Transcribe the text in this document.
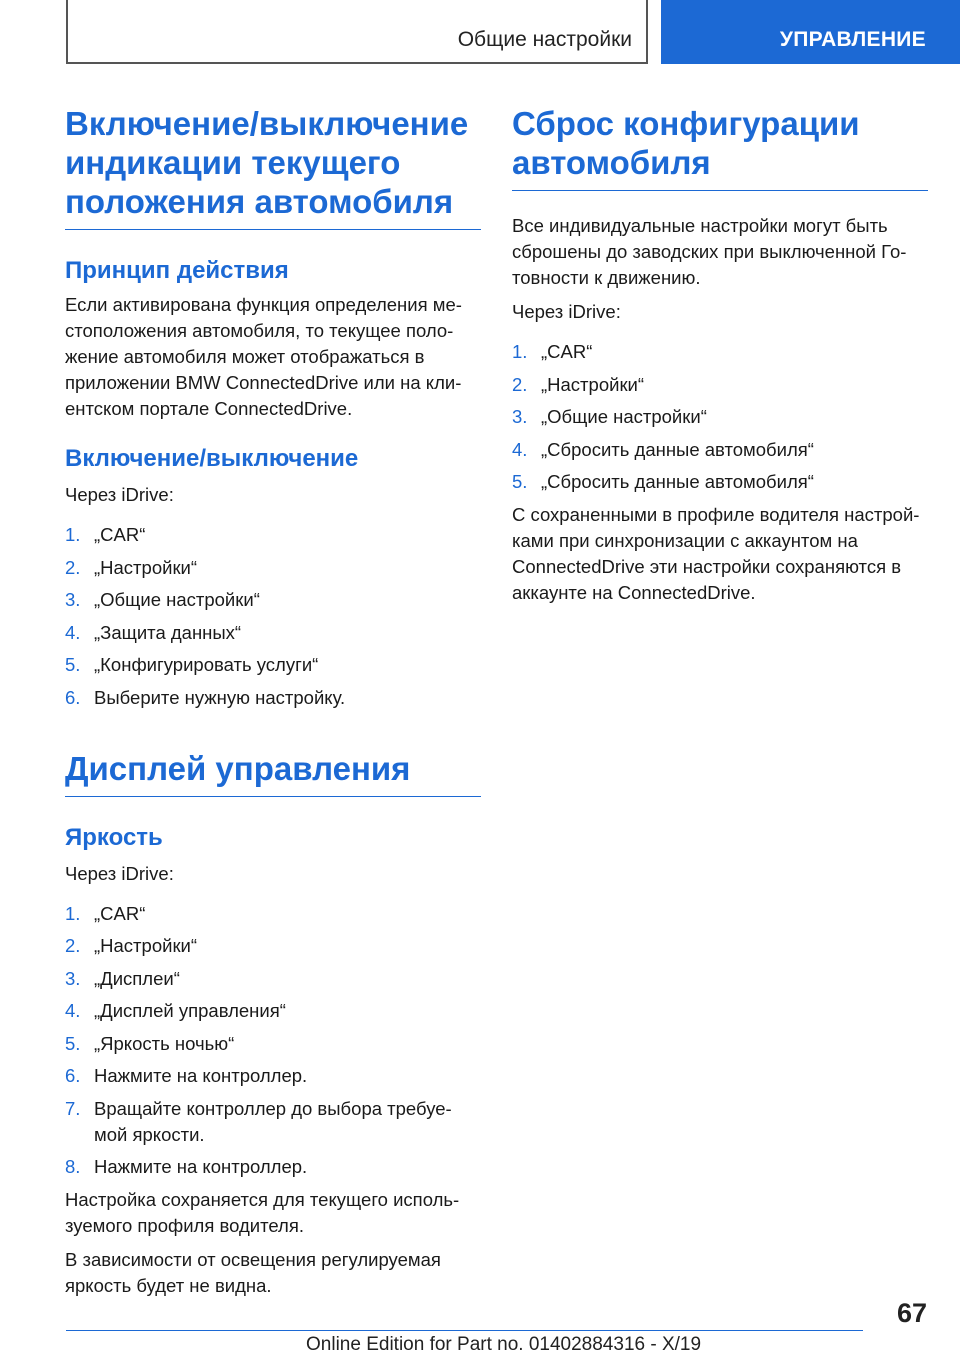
Общие настройки	УПРАВЛЕНИЕ
Включение/выключение индикации текущего положения автомобиля
Принцип действия

Если активирована функция определения ме-стоположения автомобиля, то текущее поло-жение автомобиля может отображаться в приложении BMW ConnectedDrive или на кли-ентском портале ConnectedDrive.

Включение/выключение

Через iDrive:

1. „CAR“
2. „Настройки“
3. „Общие настройки“
4. „Защита данных“
5. „Конфигурировать услуги“
6. Выберите нужную настройку.
Дисплей управления
Яркость

Через iDrive:

1. „CAR“
2. „Настройки“
3. „Дисплеи“
4. „Дисплей управления“
5. „Яркость ночью“
6. Нажмите на контроллер.
7. Вращайте контроллер до выбора требуе-мой яркости.
8. Нажмите на контроллер.

Настройка сохраняется для текущего исполь-зуемого профиля водителя.

В зависимости от освещения регулируемая яркость будет не видна.

Сброс конфигурации автомобиля

Все индивидуальные настройки могут быть сброшены до заводских при выключенной Го-товности к движению.

Через iDrive:

1. „CAR“
2. „Настройки“
3. „Общие настройки“
4. „Сбросить данные автомобиля“
5. „Сбросить данные автомобиля“

С сохраненными в профиле водителя настрой-ками при синхронизации с аккаунтом на ConnectedDrive эти настройки сохраняются в аккаунте на ConnectedDrive.

67
Online Edition for Part no. 01402884316 - X/19
